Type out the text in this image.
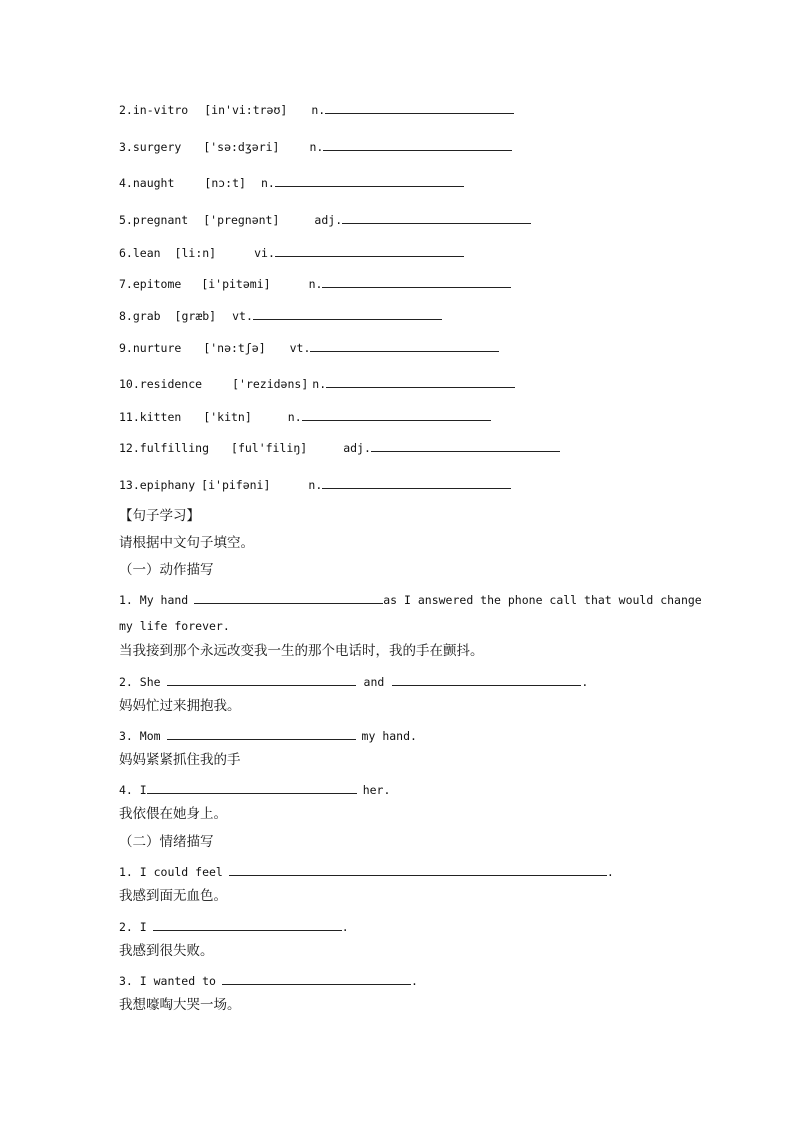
2.in-vitro [in'vi:trəʊ] n.
3.surgery ['sə:dʒəri]	n.
4.naught	[nɔ:t] n.
5.pregnant ['pregnənt]	adj.
6.lean [li:n]	vi.
7.epitome [i'pitəmi]	n.
8.grab [græb] vt.
9.nurture ['nə:tʃə] vt.
10.residence	['rezidəns] n.
11.kitten ['kitn]	n.
12.fulfilling [ful'filiŋ]	adj.
13.epiphany [i'pifəni]	n.
【句子学习】
请根据中文句子填空。
（一）动作描写
1. My hand	as I answered the phone call that would change
my life forever.
当我接到那个永远改变我一生的那个电话时，我的手在颤抖。
2. She	and	.
妈妈忙过来拥抱我。
3. Mom	my hand.
妈妈紧紧抓住我的手
4. I	her.
我依偎在她身上。
（二）情绪描写
1. I could feel	.
我感到面无血色。
2. I	.
我感到很失败。
3. I wanted to	.
我想嚎啕大哭一场。
